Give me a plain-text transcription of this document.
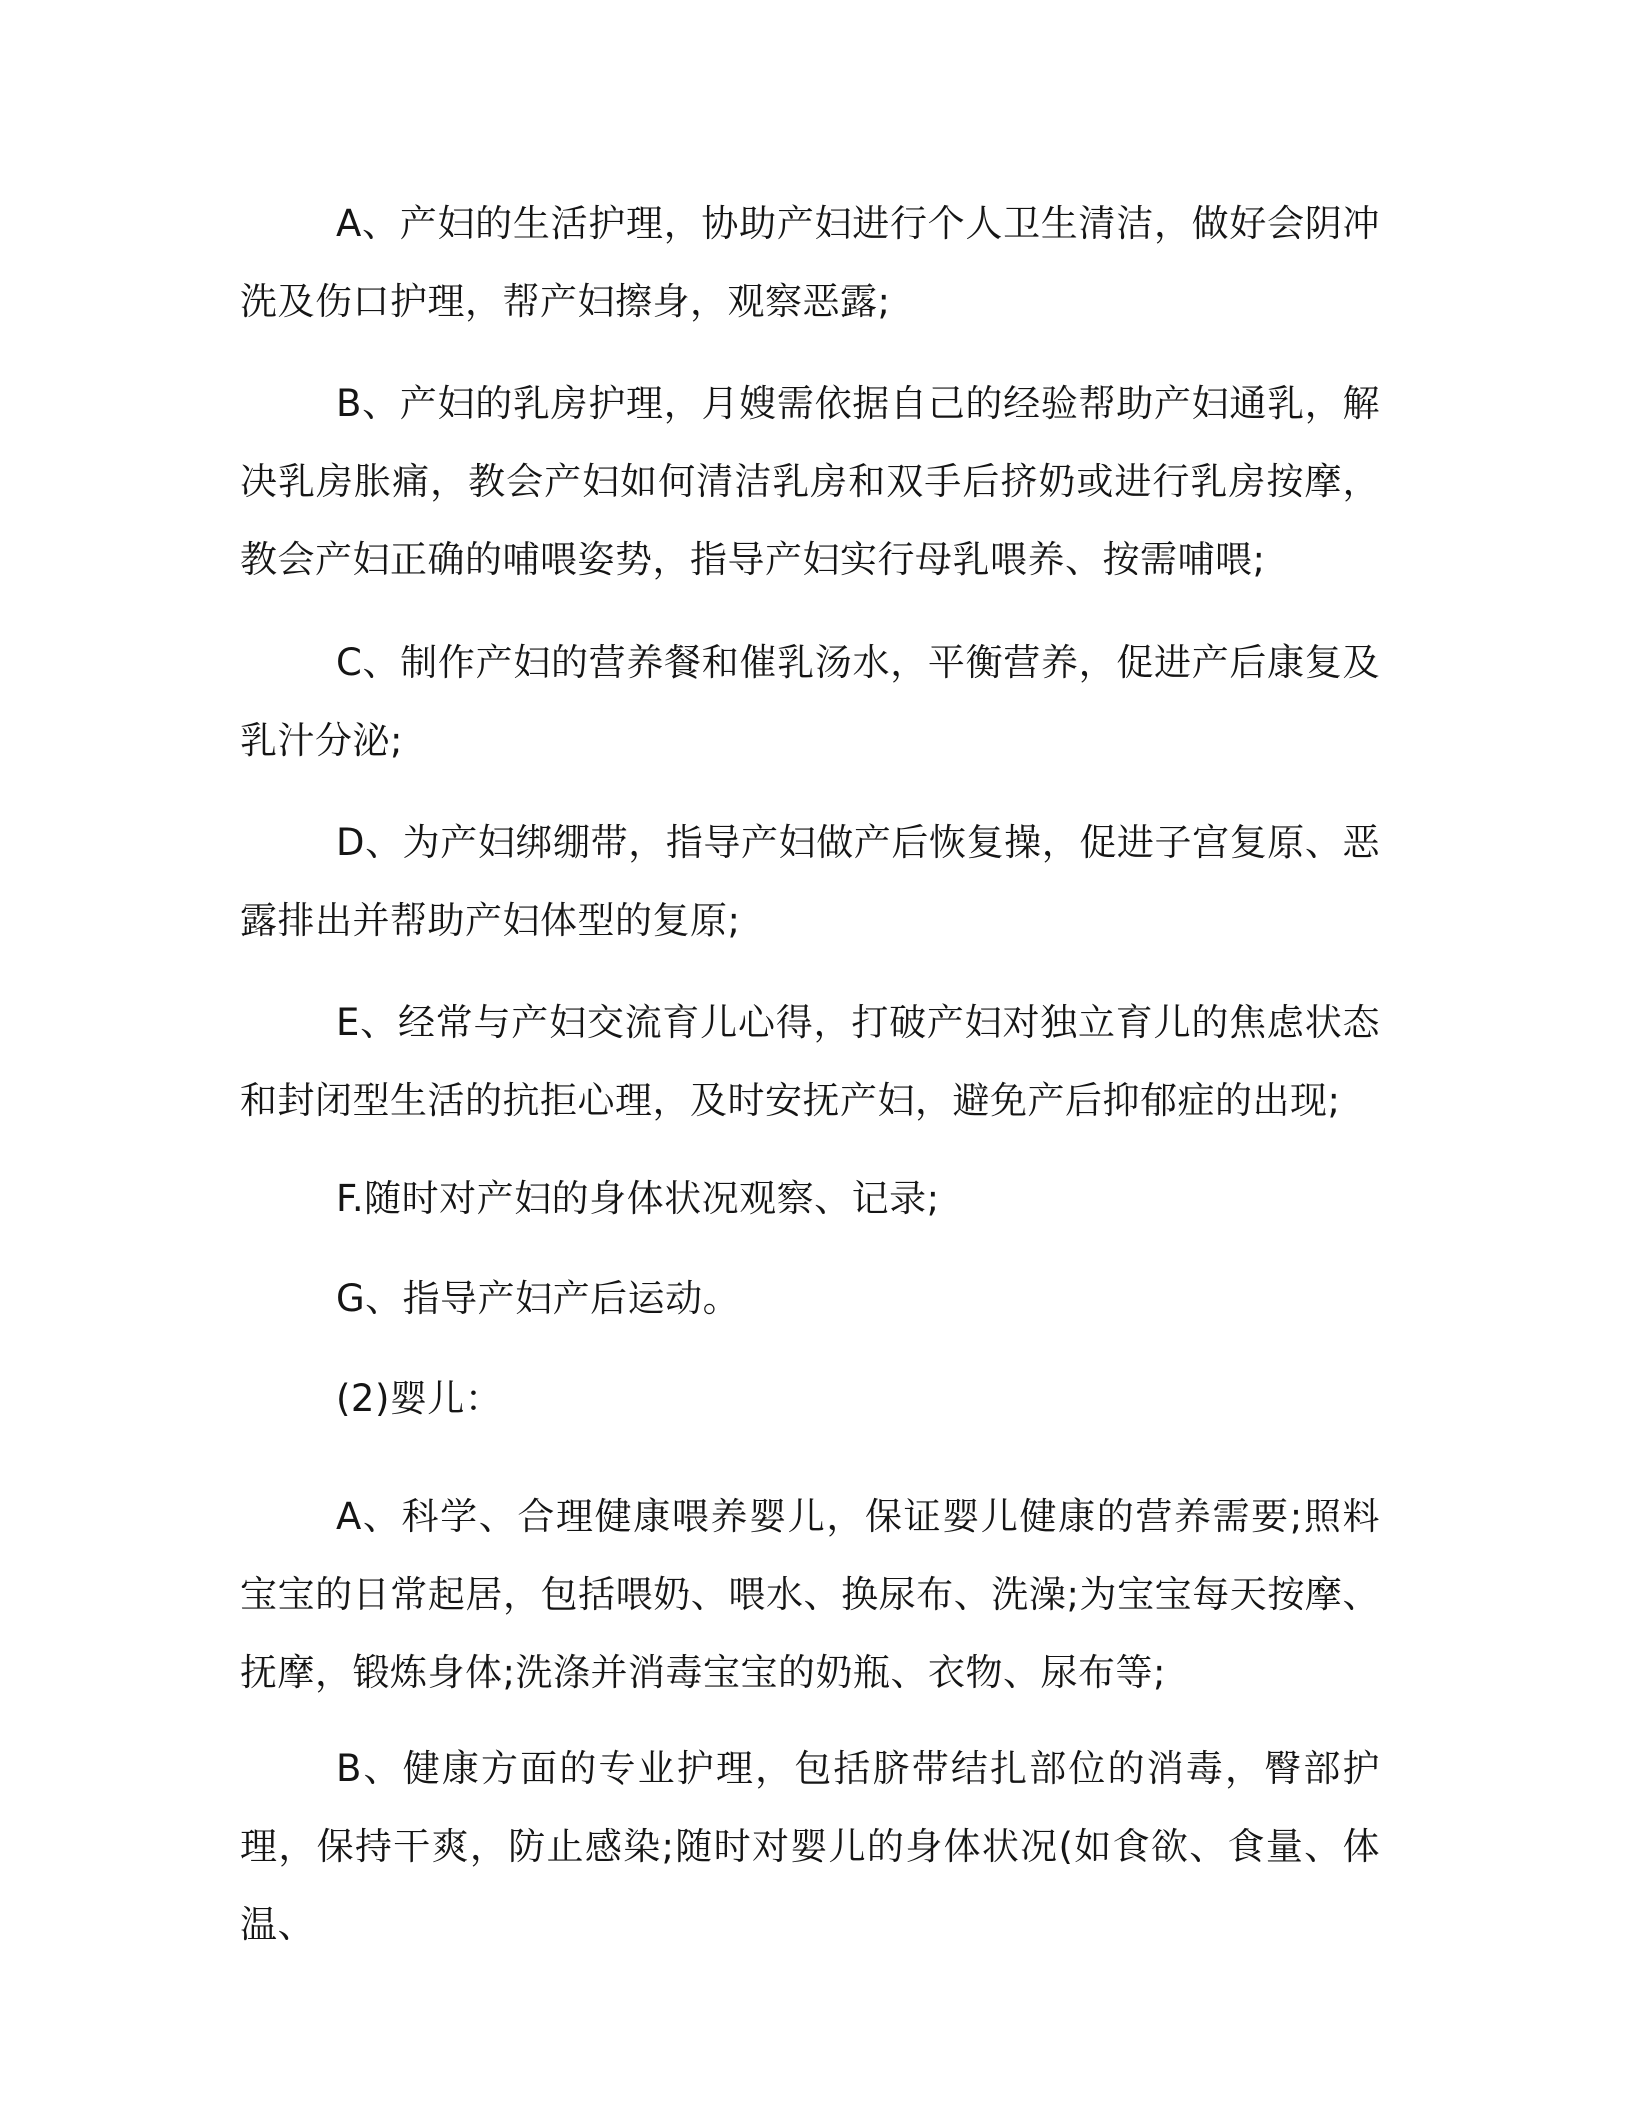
A、产妇的生活护理，协助产妇进行个人卫生清洁，做好会阴冲洗及伤口护理，帮产妇擦身，观察恶露;

B、产妇的乳房护理，月嫂需依据自己的经验帮助产妇通乳，解决乳房胀痛，教会产妇如何清洁乳房和双手后挤奶或进行乳房按摩，教会产妇正确的哺喂姿势，指导产妇实行母乳喂养、按需哺喂;

C、制作产妇的营养餐和催乳汤水，平衡营养，促进产后康复及乳汁分泌;

D、为产妇绑绷带，指导产妇做产后恢复操，促进子宫复原、恶露排出并帮助产妇体型的复原;

E、经常与产妇交流育儿心得，打破产妇对独立育儿的焦虑状态和封闭型生活的抗拒心理，及时安抚产妇，避免产后抑郁症的出现;

F.随时对产妇的身体状况观察、记录;

G、指导产妇产后运动。

(2)婴儿：

A、科学、合理健康喂养婴儿，保证婴儿健康的营养需要;照料宝宝的日常起居，包括喂奶、喂水、换尿布、洗澡;为宝宝每天按摩、抚摩，锻炼身体;洗涤并消毒宝宝的奶瓶、衣物、尿布等;

B、健康方面的专业护理，包括脐带结扎部位的消毒，臀部护理，保持干爽，防止感染;随时对婴儿的身体状况(如食欲、食量、体温、
